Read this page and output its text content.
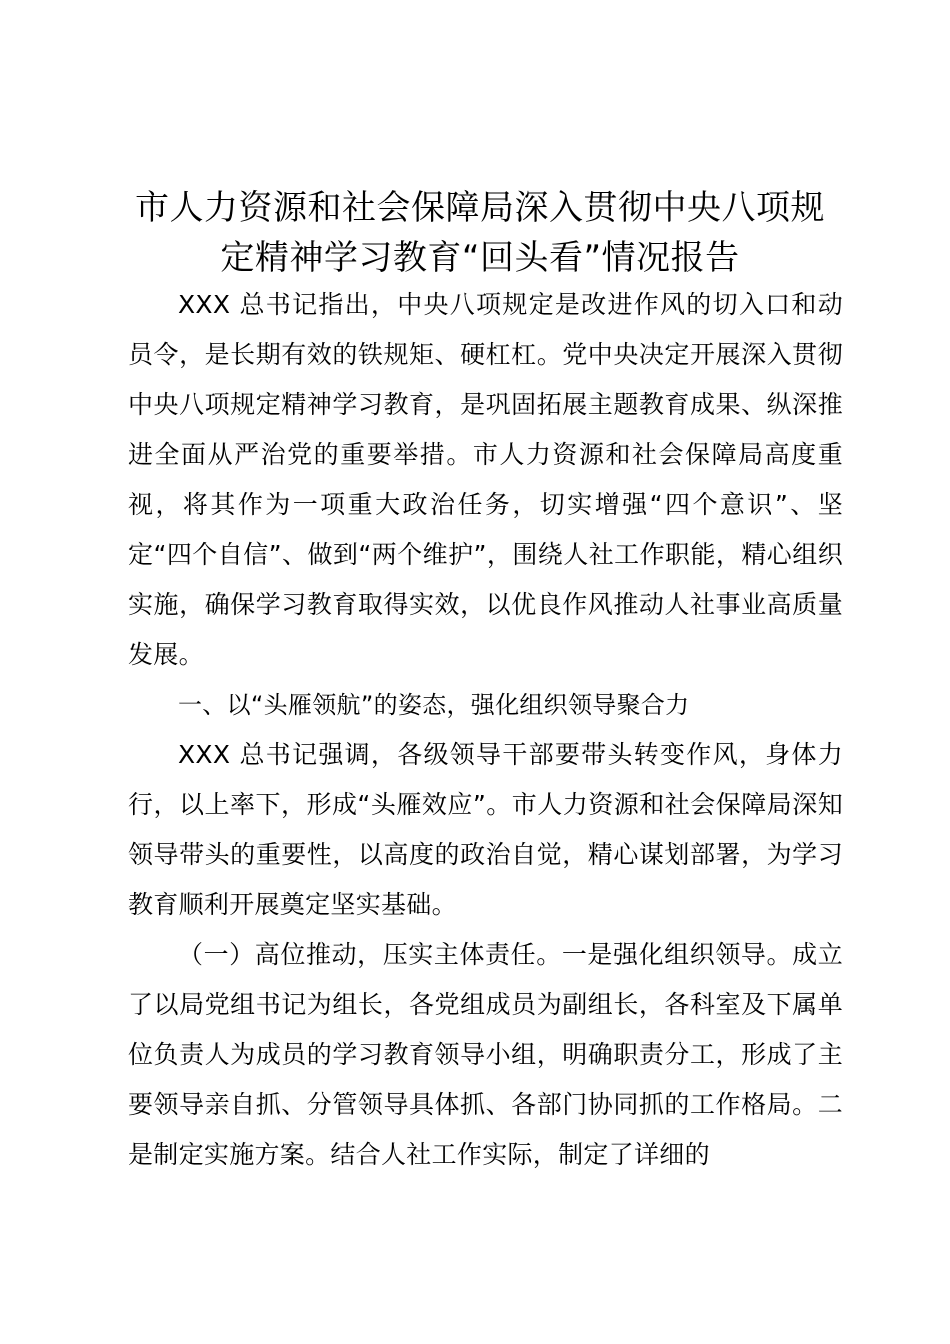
市人力资源和社会保障局深入贯彻中央八项规
定精神学习教育“回头看”情况报告

XXX 总书记指出，中央八项规定是改进作风的切入口和动员令，是长期有效的铁规矩、硬杠杠。党中央决定开展深入贯彻中央八项规定精神学习教育，是巩固拓展主题教育成果、纵深推进全面从严治党的重要举措。市人力资源和社会保障局高度重视，将其作为一项重大政治任务，切实增强“四个意识”、坚定“四个自信”、做到“两个维护”，围绕人社工作职能，精心组织实施，确保学习教育取得实效，以优良作风推动人社事业高质量发展。

一、以“头雁领航”的姿态，强化组织领导聚合力

XXX 总书记强调，各级领导干部要带头转变作风，身体力行，以上率下，形成“头雁效应”。市人力资源和社会保障局深知领导带头的重要性，以高度的政治自觉，精心谋划部署，为学习教育顺利开展奠定坚实基础。

（一）高位推动，压实主体责任。一是强化组织领导。成立了以局党组书记为组长，各党组成员为副组长，各科室及下属单位负责人为成员的学习教育领导小组，明确职责分工，形成了主要领导亲自抓、分管领导具体抓、各部门协同抓的工作格局。二是制定实施方案。结合人社工作实际，制定了详细的
